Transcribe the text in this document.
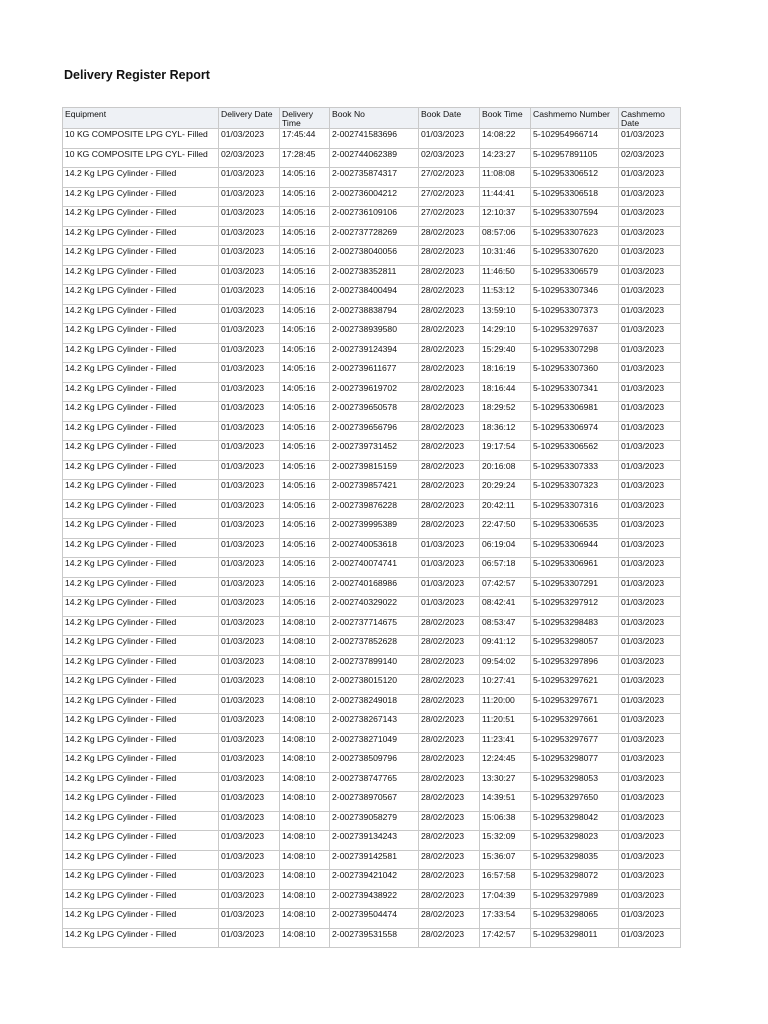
Delivery Register Report
Equipment	Delivery Date	Delivery Time	Book No	Book Date	Book Time	Cashmemo Number	Cashmemo Date
10 KG COMPOSITE LPG CYL- Filled	01/03/2023	17:45:44	2-002741583696	01/03/2023	14:08:22	5-102954966714	01/03/2023
10 KG COMPOSITE LPG CYL- Filled	02/03/2023	17:28:45	2-002744062389	02/03/2023	14:23:27	5-102957891105	02/03/2023
14.2 Kg LPG Cylinder - Filled	01/03/2023	14:05:16	2-002735874317	27/02/2023	11:08:08	5-102953306512	01/03/2023
14.2 Kg LPG Cylinder - Filled	01/03/2023	14:05:16	2-002736004212	27/02/2023	11:44:41	5-102953306518	01/03/2023
14.2 Kg LPG Cylinder - Filled	01/03/2023	14:05:16	2-002736109106	27/02/2023	12:10:37	5-102953307594	01/03/2023
14.2 Kg LPG Cylinder - Filled	01/03/2023	14:05:16	2-002737728269	28/02/2023	08:57:06	5-102953307623	01/03/2023
14.2 Kg LPG Cylinder - Filled	01/03/2023	14:05:16	2-002738040056	28/02/2023	10:31:46	5-102953307620	01/03/2023
14.2 Kg LPG Cylinder - Filled	01/03/2023	14:05:16	2-002738352811	28/02/2023	11:46:50	5-102953306579	01/03/2023
14.2 Kg LPG Cylinder - Filled	01/03/2023	14:05:16	2-002738400494	28/02/2023	11:53:12	5-102953307346	01/03/2023
14.2 Kg LPG Cylinder - Filled	01/03/2023	14:05:16	2-002738838794	28/02/2023	13:59:10	5-102953307373	01/03/2023
14.2 Kg LPG Cylinder - Filled	01/03/2023	14:05:16	2-002738939580	28/02/2023	14:29:10	5-102953297637	01/03/2023
14.2 Kg LPG Cylinder - Filled	01/03/2023	14:05:16	2-002739124394	28/02/2023	15:29:40	5-102953307298	01/03/2023
14.2 Kg LPG Cylinder - Filled	01/03/2023	14:05:16	2-002739611677	28/02/2023	18:16:19	5-102953307360	01/03/2023
14.2 Kg LPG Cylinder - Filled	01/03/2023	14:05:16	2-002739619702	28/02/2023	18:16:44	5-102953307341	01/03/2023
14.2 Kg LPG Cylinder - Filled	01/03/2023	14:05:16	2-002739650578	28/02/2023	18:29:52	5-102953306981	01/03/2023
14.2 Kg LPG Cylinder - Filled	01/03/2023	14:05:16	2-002739656796	28/02/2023	18:36:12	5-102953306974	01/03/2023
14.2 Kg LPG Cylinder - Filled	01/03/2023	14:05:16	2-002739731452	28/02/2023	19:17:54	5-102953306562	01/03/2023
14.2 Kg LPG Cylinder - Filled	01/03/2023	14:05:16	2-002739815159	28/02/2023	20:16:08	5-102953307333	01/03/2023
14.2 Kg LPG Cylinder - Filled	01/03/2023	14:05:16	2-002739857421	28/02/2023	20:29:24	5-102953307323	01/03/2023
14.2 Kg LPG Cylinder - Filled	01/03/2023	14:05:16	2-002739876228	28/02/2023	20:42:11	5-102953307316	01/03/2023
14.2 Kg LPG Cylinder - Filled	01/03/2023	14:05:16	2-002739995389	28/02/2023	22:47:50	5-102953306535	01/03/2023
14.2 Kg LPG Cylinder - Filled	01/03/2023	14:05:16	2-002740053618	01/03/2023	06:19:04	5-102953306944	01/03/2023
14.2 Kg LPG Cylinder - Filled	01/03/2023	14:05:16	2-002740074741	01/03/2023	06:57:18	5-102953306961	01/03/2023
14.2 Kg LPG Cylinder - Filled	01/03/2023	14:05:16	2-002740168986	01/03/2023	07:42:57	5-102953307291	01/03/2023
14.2 Kg LPG Cylinder - Filled	01/03/2023	14:05:16	2-002740329022	01/03/2023	08:42:41	5-102953297912	01/03/2023
14.2 Kg LPG Cylinder - Filled	01/03/2023	14:08:10	2-002737714675	28/02/2023	08:53:47	5-102953298483	01/03/2023
14.2 Kg LPG Cylinder - Filled	01/03/2023	14:08:10	2-002737852628	28/02/2023	09:41:12	5-102953298057	01/03/2023
14.2 Kg LPG Cylinder - Filled	01/03/2023	14:08:10	2-002737899140	28/02/2023	09:54:02	5-102953297896	01/03/2023
14.2 Kg LPG Cylinder - Filled	01/03/2023	14:08:10	2-002738015120	28/02/2023	10:27:41	5-102953297621	01/03/2023
14.2 Kg LPG Cylinder - Filled	01/03/2023	14:08:10	2-002738249018	28/02/2023	11:20:00	5-102953297671	01/03/2023
14.2 Kg LPG Cylinder - Filled	01/03/2023	14:08:10	2-002738267143	28/02/2023	11:20:51	5-102953297661	01/03/2023
14.2 Kg LPG Cylinder - Filled	01/03/2023	14:08:10	2-002738271049	28/02/2023	11:23:41	5-102953297677	01/03/2023
14.2 Kg LPG Cylinder - Filled	01/03/2023	14:08:10	2-002738509796	28/02/2023	12:24:45	5-102953298077	01/03/2023
14.2 Kg LPG Cylinder - Filled	01/03/2023	14:08:10	2-002738747765	28/02/2023	13:30:27	5-102953298053	01/03/2023
14.2 Kg LPG Cylinder - Filled	01/03/2023	14:08:10	2-002738970567	28/02/2023	14:39:51	5-102953297650	01/03/2023
14.2 Kg LPG Cylinder - Filled	01/03/2023	14:08:10	2-002739058279	28/02/2023	15:06:38	5-102953298042	01/03/2023
14.2 Kg LPG Cylinder - Filled	01/03/2023	14:08:10	2-002739134243	28/02/2023	15:32:09	5-102953298023	01/03/2023
14.2 Kg LPG Cylinder - Filled	01/03/2023	14:08:10	2-002739142581	28/02/2023	15:36:07	5-102953298035	01/03/2023
14.2 Kg LPG Cylinder - Filled	01/03/2023	14:08:10	2-002739421042	28/02/2023	16:57:58	5-102953298072	01/03/2023
14.2 Kg LPG Cylinder - Filled	01/03/2023	14:08:10	2-002739438922	28/02/2023	17:04:39	5-102953297989	01/03/2023
14.2 Kg LPG Cylinder - Filled	01/03/2023	14:08:10	2-002739504474	28/02/2023	17:33:54	5-102953298065	01/03/2023
14.2 Kg LPG Cylinder - Filled	01/03/2023	14:08:10	2-002739531558	28/02/2023	17:42:57	5-102953298011	01/03/2023
